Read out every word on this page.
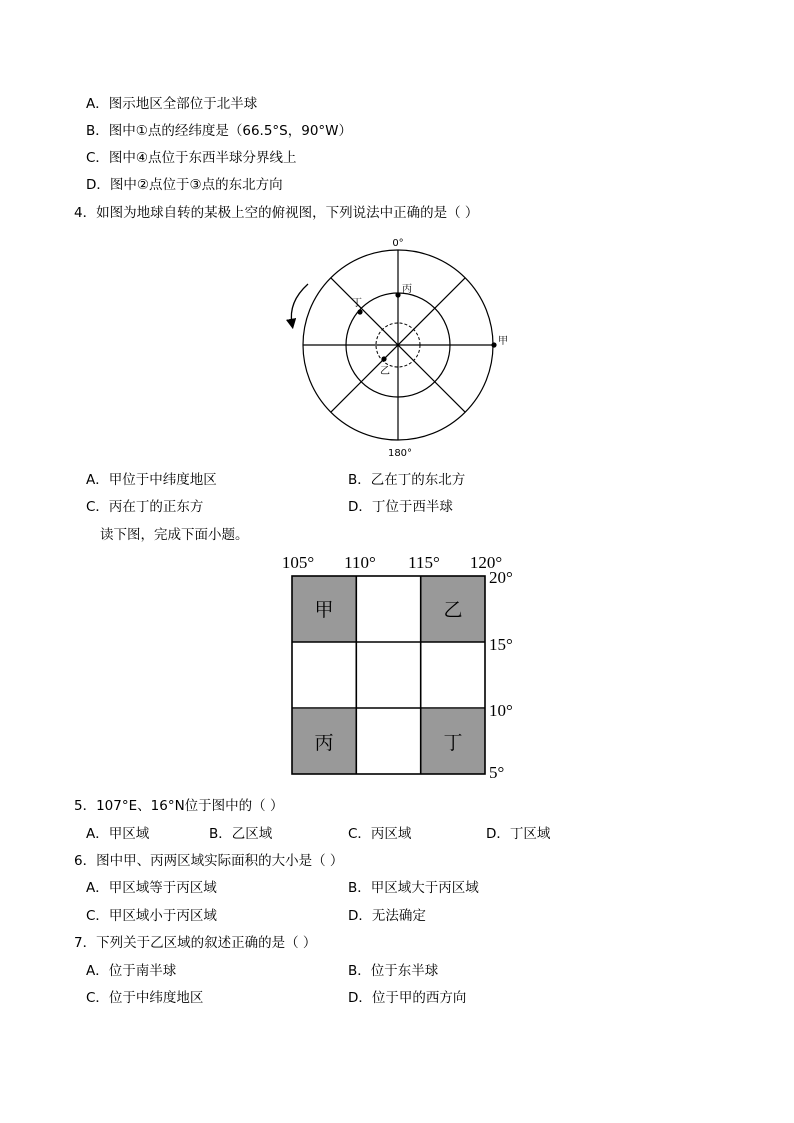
A．图示地区全部位于北半球
B．图中①点的经纬度是（66.5°S，90°W）
C．图中④点位于东西半球分界线上
D．图中②点位于③点的东北方向
4．如图为地球自转的某极上空的俯视图，下列说法中正确的是（ ）
0°
180°
丙
丁
乙
甲
A．甲位于中纬度地区	B．乙在丁的东北方
C．丙在丁的正东方	D．丁位于西半球
读下图，完成下面小题。
105° 110° 115° 120°
20°
15°
10°
5°
甲	乙
丙	丁
5．107°E、16°N位于图中的（ ）
A．甲区域	B．乙区域	C．丙区域	D．丁区域
6．图中甲、丙两区域实际面积的大小是（ ）
A．甲区域等于丙区域	B．甲区域大于丙区域
C．甲区域小于丙区域	D．无法确定
7．下列关于乙区域的叙述正确的是（ ）
A．位于南半球	B．位于东半球
C．位于中纬度地区	D．位于甲的西方向
